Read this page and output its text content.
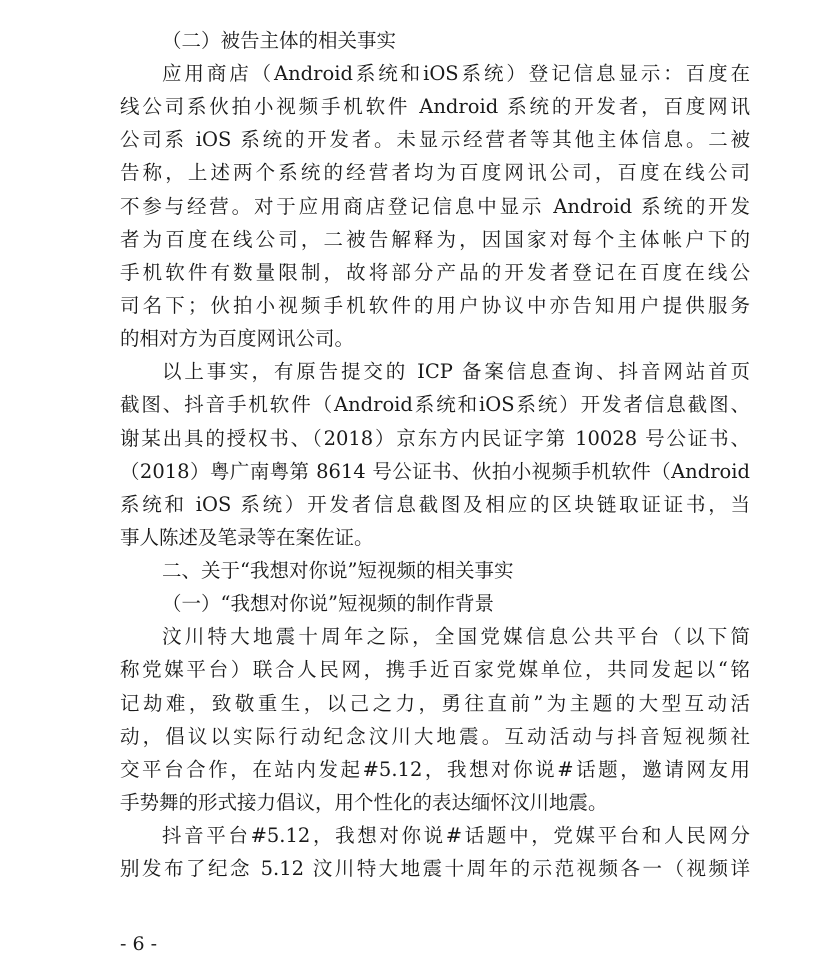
（二）被告主体的相关事实
应用商店（Android系统和iOS系统）登记信息显示：百度在
线公司系伙拍小视频手机软件 Android 系统的开发者，百度网讯
公司系 iOS 系统的开发者。未显示经营者等其他主体信息。二被
告称，上述两个系统的经营者均为百度网讯公司，百度在线公司
不参与经营。对于应用商店登记信息中显示 Android 系统的开发
者为百度在线公司，二被告解释为，因国家对每个主体帐户下的
手机软件有数量限制，故将部分产品的开发者登记在百度在线公
司名下；伙拍小视频手机软件的用户协议中亦告知用户提供服务
的相对方为百度网讯公司。
以上事实，有原告提交的 ICP 备案信息查询、抖音网站首页
截图、抖音手机软件（Android系统和iOS系统）开发者信息截图、
谢某出具的授权书、（2018）京东方内民证字第 10028 号公证书、
（2018）粤广南粤第 8614 号公证书、伙拍小视频手机软件（Android
系统和 iOS 系统）开发者信息截图及相应的区块链取证证书，当
事人陈述及笔录等在案佐证。
二、关于“我想对你说”短视频的相关事实
（一）“我想对你说”短视频的制作背景
汶川特大地震十周年之际，全国党媒信息公共平台（以下简
称党媒平台）联合人民网，携手近百家党媒单位，共同发起以“铭
记劫难，致敬重生，以己之力，勇往直前”为主题的大型互动活
动，倡议以实际行动纪念汶川大地震。互动活动与抖音短视频社
交平台合作，在站内发起#5.12，我想对你说#话题，邀请网友用
手势舞的形式接力倡议，用个性化的表达缅怀汶川地震。
抖音平台#5.12，我想对你说#话题中，党媒平台和人民网分
别发布了纪念 5.12 汶川特大地震十周年的示范视频各一（视频详
- 6 -
